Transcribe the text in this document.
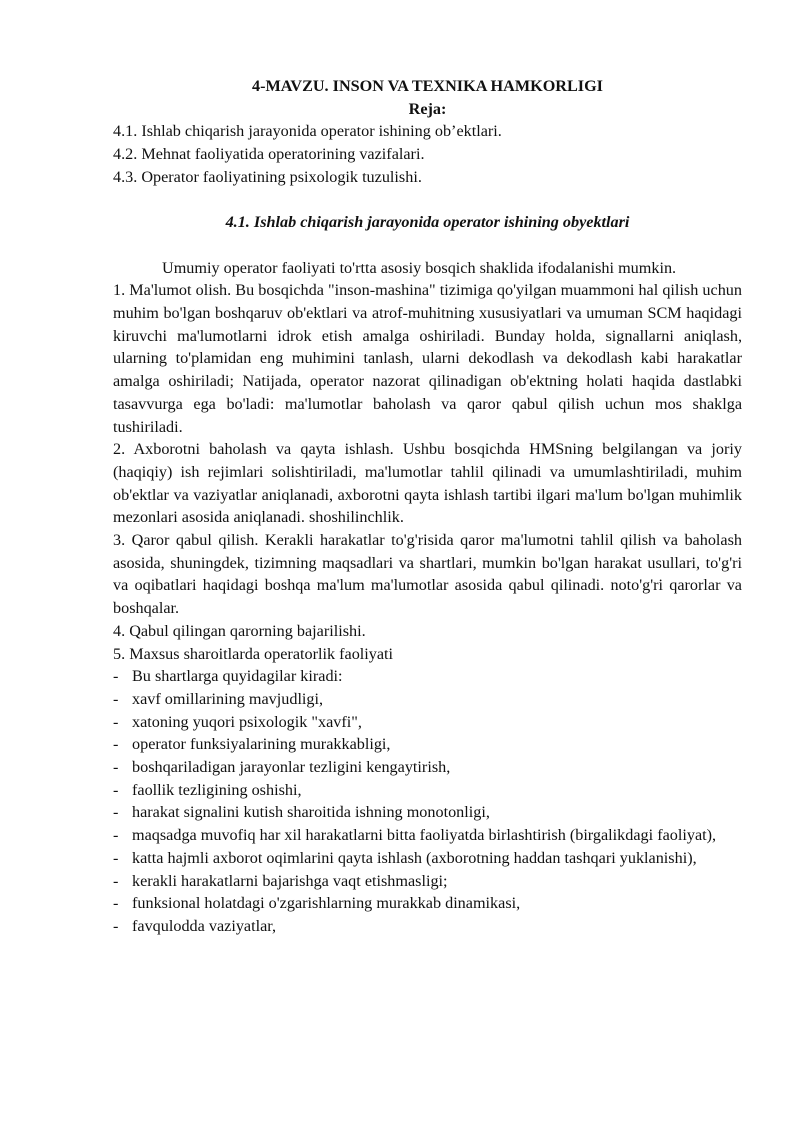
4-MAVZU. INSON VA TEXNIKA HAMKORLIGI

Reja:

4.1. Ishlab chiqarish jarayonida operator ishining ob’ektlari.

4.2. Mehnat faoliyatida operatorining vazifalari.

4.3. Operator faoliyatining psixologik tuzulishi.

4.1. Ishlab chiqarish jarayonida operator ishining obyektlari

Umumiy operator faoliyati to'rtta asosiy bosqich shaklida ifodalanishi mumkin.

1. Ma'lumot olish. Bu bosqichda "inson-mashina" tizimiga qo'yilgan muammoni hal qilish uchun muhim bo'lgan boshqaruv ob'ektlari va atrof-muhitning xususiyatlari va umuman SCM haqidagi kiruvchi ma'lumotlarni idrok etish amalga oshiriladi. Bunday holda, signallarni aniqlash, ularning to'plamidan eng muhimini tanlash, ularni dekodlash va dekodlash kabi harakatlar amalga oshiriladi; Natijada, operator nazorat qilinadigan ob'ektning holati haqida dastlabki tasavvurga ega bo'ladi: ma'lumotlar baholash va qaror qabul qilish uchun mos shaklga tushiriladi.

2. Axborotni baholash va qayta ishlash. Ushbu bosqichda HMSning belgilangan va joriy (haqiqiy) ish rejimlari solishtiriladi, ma'lumotlar tahlil qilinadi va umumlashtiriladi, muhim ob'ektlar va vaziyatlar aniqlanadi, axborotni qayta ishlash tartibi ilgari ma'lum bo'lgan muhimlik mezonlari asosida aniqlanadi. shoshilinchlik.

3. Qaror qabul qilish. Kerakli harakatlar to'g'risida qaror ma'lumotni tahlil qilish va baholash asosida, shuningdek, tizimning maqsadlari va shartlari, mumkin bo'lgan harakat usullari, to'g'ri va oqibatlari haqidagi boshqa ma'lum ma'lumotlar asosida qabul qilinadi. noto'g'ri qarorlar va boshqalar.

4. Qabul qilingan qarorning bajarilishi.

5. Maxsus sharoitlarda operatorlik faoliyati

- Bu shartlarga quyidagilar kiradi:
- xavf omillarining mavjudligi,
- xatoning yuqori psixologik "xavfi",
- operator funksiyalarining murakkabligi,
- boshqariladigan jarayonlar tezligini kengaytirish,
- faollik tezligining oshishi,
- harakat signalini kutish sharoitida ishning monotonligi,
- maqsadga muvofiq har xil harakatlarni bitta faoliyatda birlashtirish (birgalikdagi faoliyat),
- katta hajmli axborot oqimlarini qayta ishlash (axborotning haddan tashqari yuklanishi),
- kerakli harakatlarni bajarishga vaqt etishmasligi;
- funksional holatdagi o'zgarishlarning murakkab dinamikasi,
- favqulodda vaziyatlar,
